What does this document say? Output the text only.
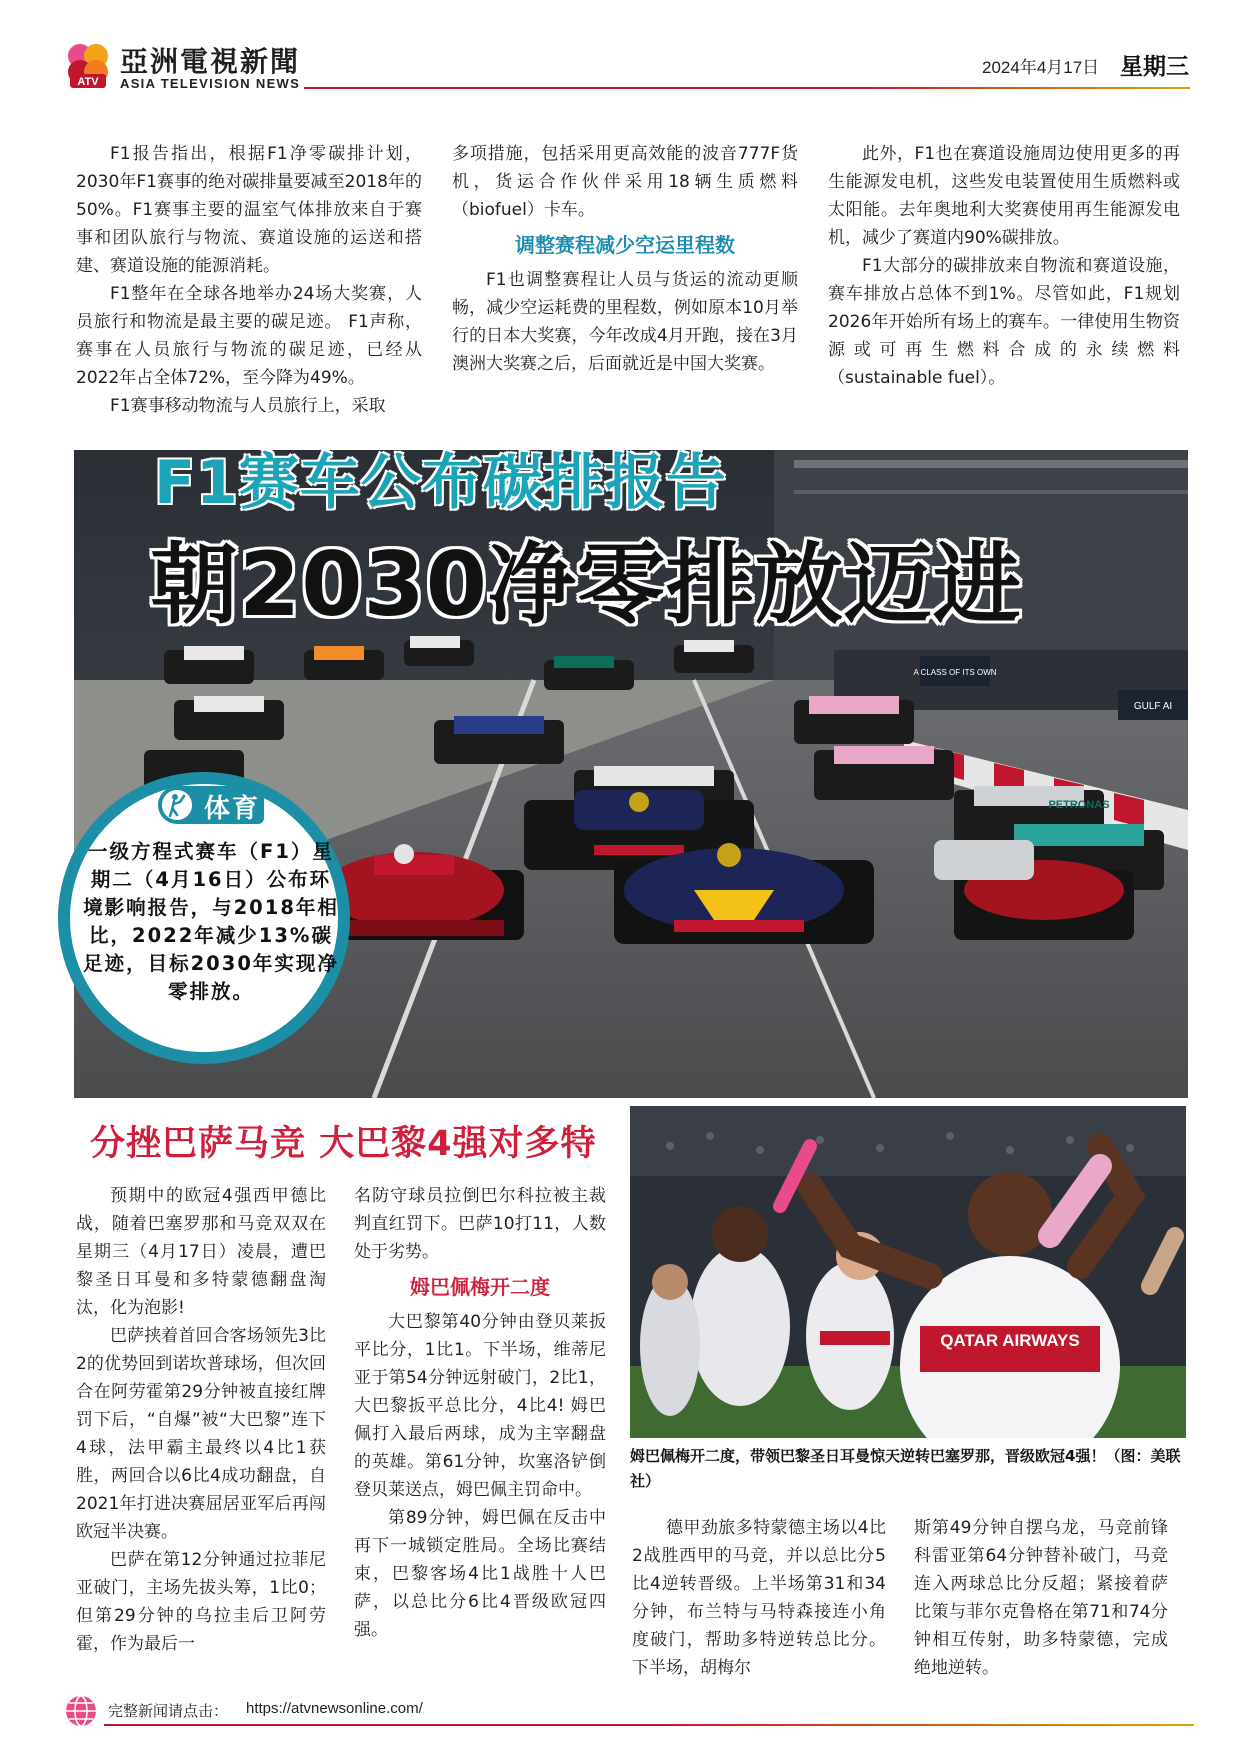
ATV
亞洲電視新聞
ASIA TELEVISION NEWS
2024年4月17日 星期三

F1报告指出，根据F1净零碳排计划，2030年F1赛事的绝对碳排量要减至2018年的50%。F1赛事主要的温室气体排放来自于赛事和团队旅行与物流、赛道设施的运送和搭建、赛道设施的能源消耗。

F1整年在全球各地举办24场大奖赛，人员旅行和物流是最主要的碳足迹。 F1声称，赛事在人员旅行与物流的碳足迹，已经从2022年占全体72%，至今降为49%。

F1赛事移动物流与人员旅行上，采取

多项措施，包括采用更高效能的波音777F货机，货运合作伙伴采用18辆生质燃料（biofuel）卡车。

调整赛程减少空运里程数

F1也调整赛程让人员与货运的流动更顺畅，减少空运耗费的里程数，例如原本10月举行的日本大奖赛，今年改成4月开跑，接在3月澳洲大奖赛之后，后面就近是中国大奖赛。

此外，F1也在赛道设施周边使用更多的再生能源发电机，这些发电装置使用生质燃料或太阳能。去年奥地利大奖赛使用再生能源发电机，减少了赛道内90%碳排放。

F1大部分的碳排放来自物流和赛道设施，赛车排放占总体不到1%。尽管如此，F1规划2026年开始所有场上的赛车。一律使用生物资源或可再生燃料合成的永续燃料（sustainable fuel）。

A CLASS OF ITS OWN
GULF AI
PETRONAS
F1赛车公布碳排报告
朝2030净零排放迈进
体育
一级方程式赛车（F1）星期二（4月16日）公布环境影响报告，与2018年相比，2022年减少13%碳足迹，目标2030年实现净零排放。
分挫巴萨马竞 大巴黎4强对多特
QATAR AIRWAYS
姆巴佩梅开二度，带领巴黎圣日耳曼惊天逆转巴塞罗那，晋级欧冠4强！（图：美联社）

预期中的欧冠4强西甲德比战，随着巴塞罗那和马竞双双在星期三（4月17日）凌晨，遭巴黎圣日耳曼和多特蒙德翻盘淘汰，化为泡影!

巴萨挟着首回合客场领先3比2的优势回到诺坎普球场，但次回合在阿劳霍第29分钟被直接红牌罚下后，“自爆”被“大巴黎”连下4球，法甲霸主最终以4比1获胜，两回合以6比4成功翻盘，自2021年打进决赛屈居亚军后再闯欧冠半决赛。

巴萨在第12分钟通过拉菲尼亚破门，主场先拔头筹，1比0；但第29分钟的乌拉圭后卫阿劳霍，作为最后一

名防守球员拉倒巴尔科拉被主裁判直红罚下。巴萨10打11，人数处于劣势。

姆巴佩梅开二度

大巴黎第40分钟由登贝莱扳平比分，1比1。下半场，维蒂尼亚于第54分钟远射破门，2比1，大巴黎扳平总比分，4比4! 姆巴佩打入最后两球，成为主宰翻盘的英雄。第61分钟，坎塞洛铲倒登贝莱送点，姆巴佩主罚命中。

第89分钟，姆巴佩在反击中再下一城锁定胜局。全场比赛结束，巴黎客场4比1战胜十人巴萨，以总比分6比4晋级欧冠四强。

德甲劲旅多特蒙德主场以4比2战胜西甲的马竞，并以总比分5比4逆转晋级。上半场第31和34分钟，布兰特与马特森接连小角度破门，帮助多特逆转总比分。下半场，胡梅尔

斯第49分钟自摆乌龙，马竞前锋科雷亚第64分钟替补破门，马竞连入两球总比分反超；紧接着萨比策与菲尔克鲁格在第71和74分钟相互传射，助多特蒙德，完成绝地逆转。

完整新闻请点击： https://atvnewsonline.com/
